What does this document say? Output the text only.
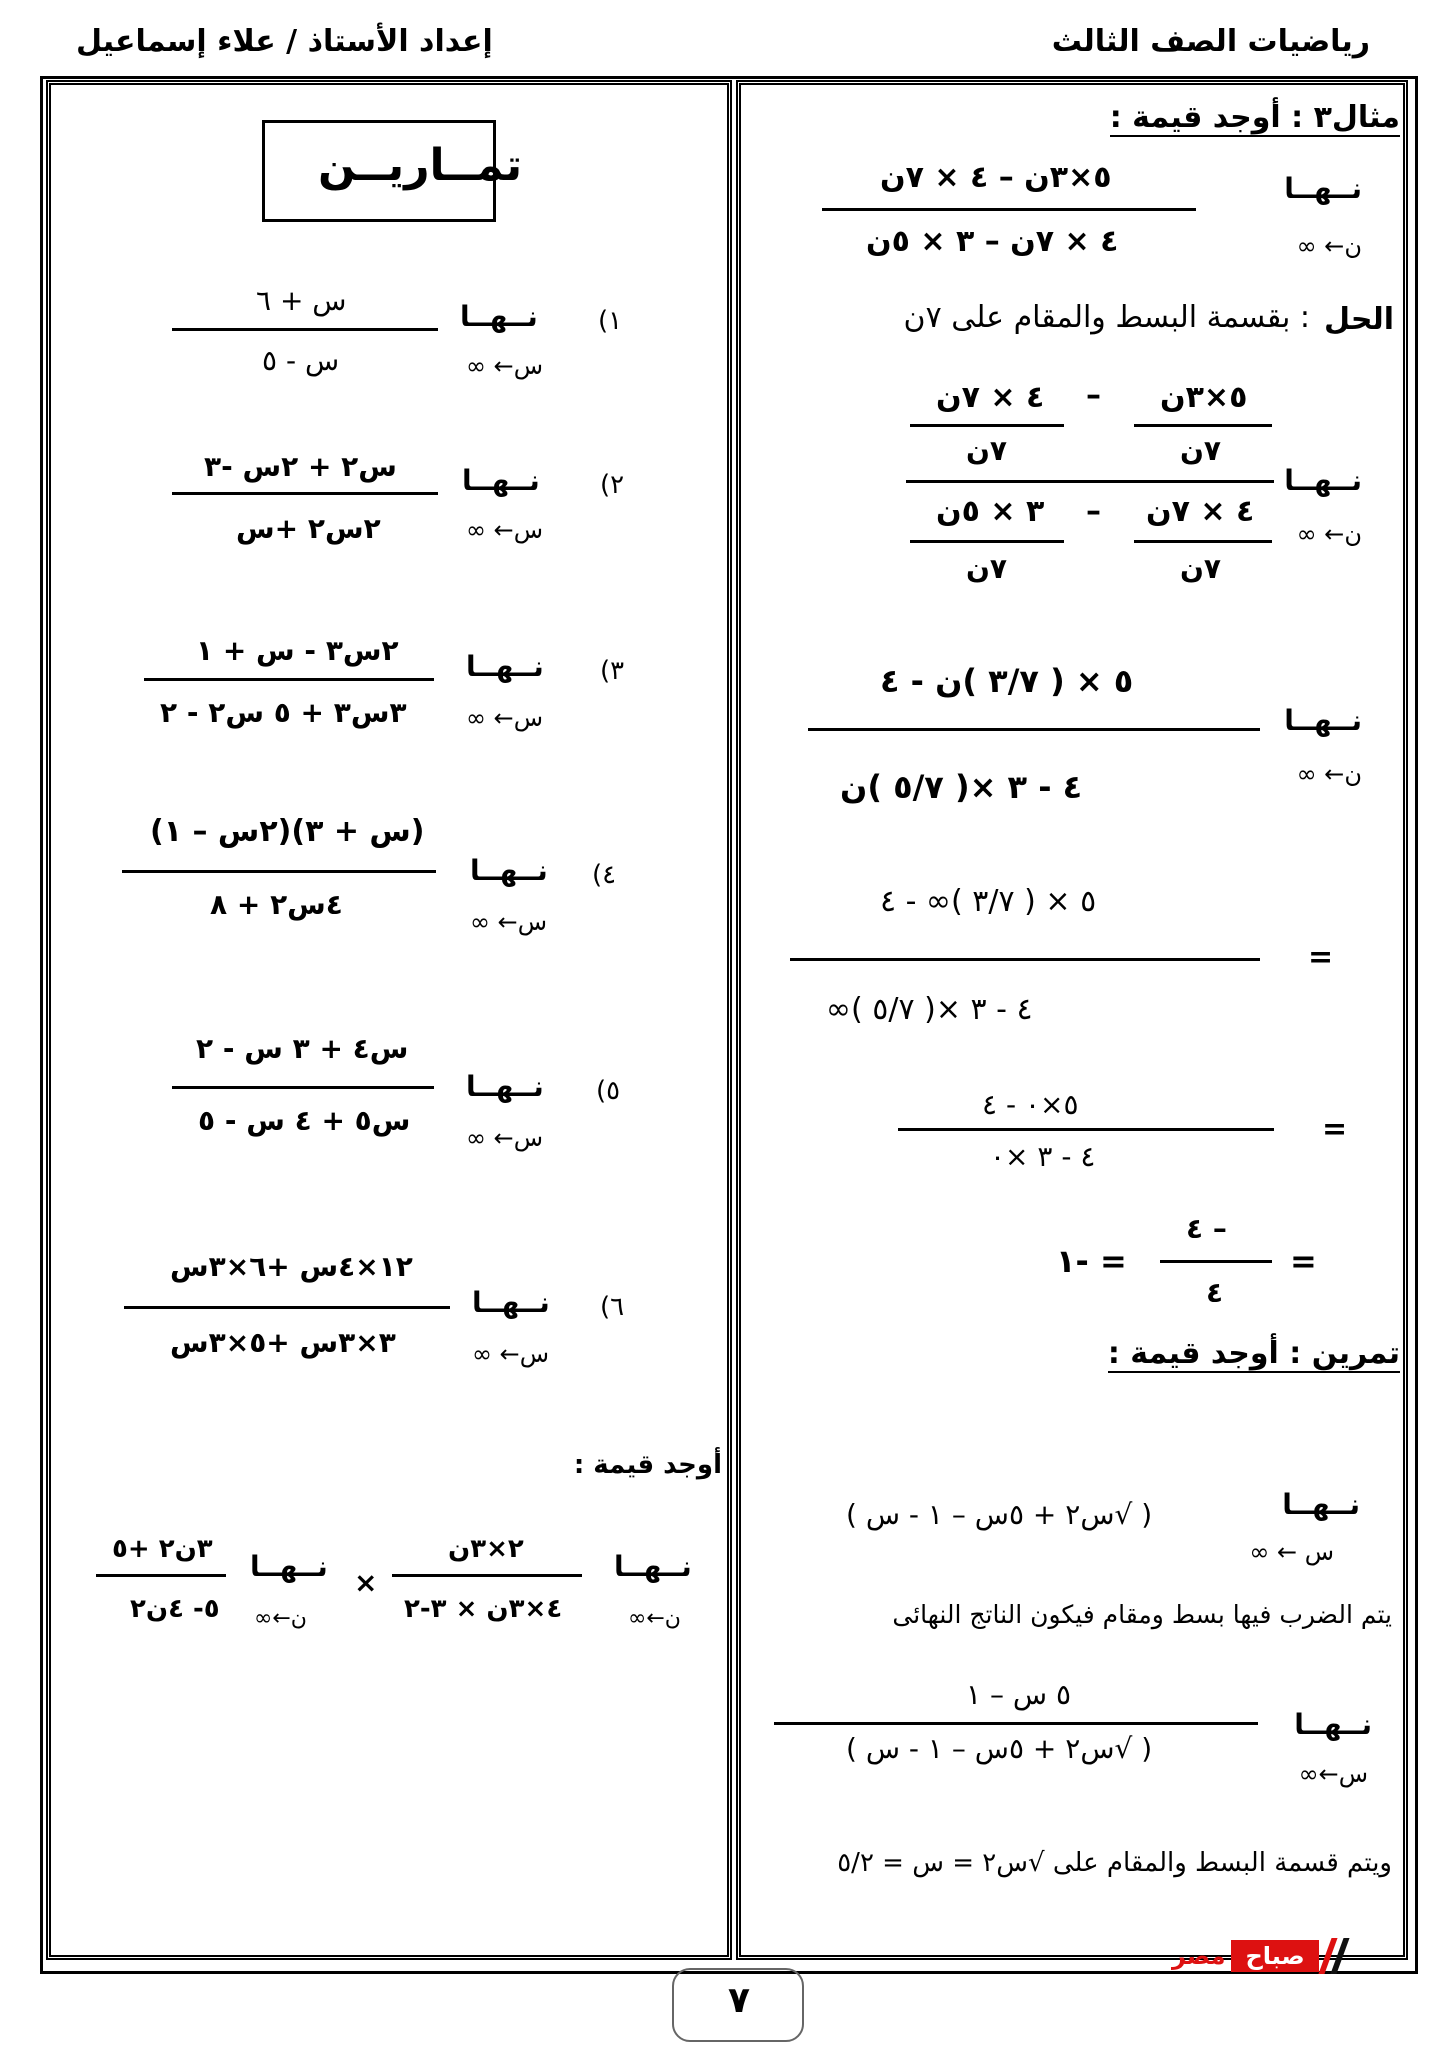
رياضيات الصف الثالث
إعداد الأستاذ / علاء إسماعيل
مثال٣ : أوجد قيمة :
نــهــا
ن← ∞
٥×٣ن – ٤ × ٧ن
٤ × ٧ن – ٣ × ٥ن
الحل
: بقسمة البسط والمقام على ٧ن
نــهــا
ن← ∞
٥×٣ن
–
٤ × ٧ن
٧ن
٧ن
٤ × ٧ن
–
٣ × ٥ن
٧ن
٧ن
نــهــا
ن← ∞
٥ × ( ٣/٧ )ن - ٤
٤ - ٣ ×( ٥/٧ )ن
=
٥ × ( ٣/٧ )∞ - ٤
٤ - ٣ ×( ٥/٧ )∞
=
٥×٠ - ٤
٤ - ٣ ×٠
=
– ٤
٤
= -١
تمرين : أوجد قيمة :
نــهــا
س ← ∞
( √س٢ + ٥س – ١ - س )
يتم الضرب فيها بسط ومقام فيكون الناتج النهائى
نــهــا
س←∞
٥ س – ١
( √س٢ + ٥س – ١ - س )
ويتم قسمة البسط والمقام على √س٢ = س = ٥/٢
تمــاريــن
١)
نــهــا
س← ∞
س + ٦
س - ٥
٢)
نــهــا
س← ∞
س٢ + ٢س -٣
٢س٢ +س
٣)
نــهــا
س← ∞
٢س٣ - س + ١
٣س٣ + ٥ س٢ - ٢
٤)
نــهــا
س← ∞
(س + ٣)(٢س – ١)
٤س٢ + ٨
٥)
نــهــا
س← ∞
س٤ + ٣ س - ٢
س٥ + ٤ س - ٥
٦)
نــهــا
س← ∞
١٢×٤س +٦×٣س
٣×٣س +٥×٣س
أوجد قيمة :
نــهــا
ن←∞
٢×٣ن
٤×٣ن × ٣-٢
×
نــهــا
ن←∞
٣ن٢ +٥
٥- ٤ن٢
٧
مصر صباح
